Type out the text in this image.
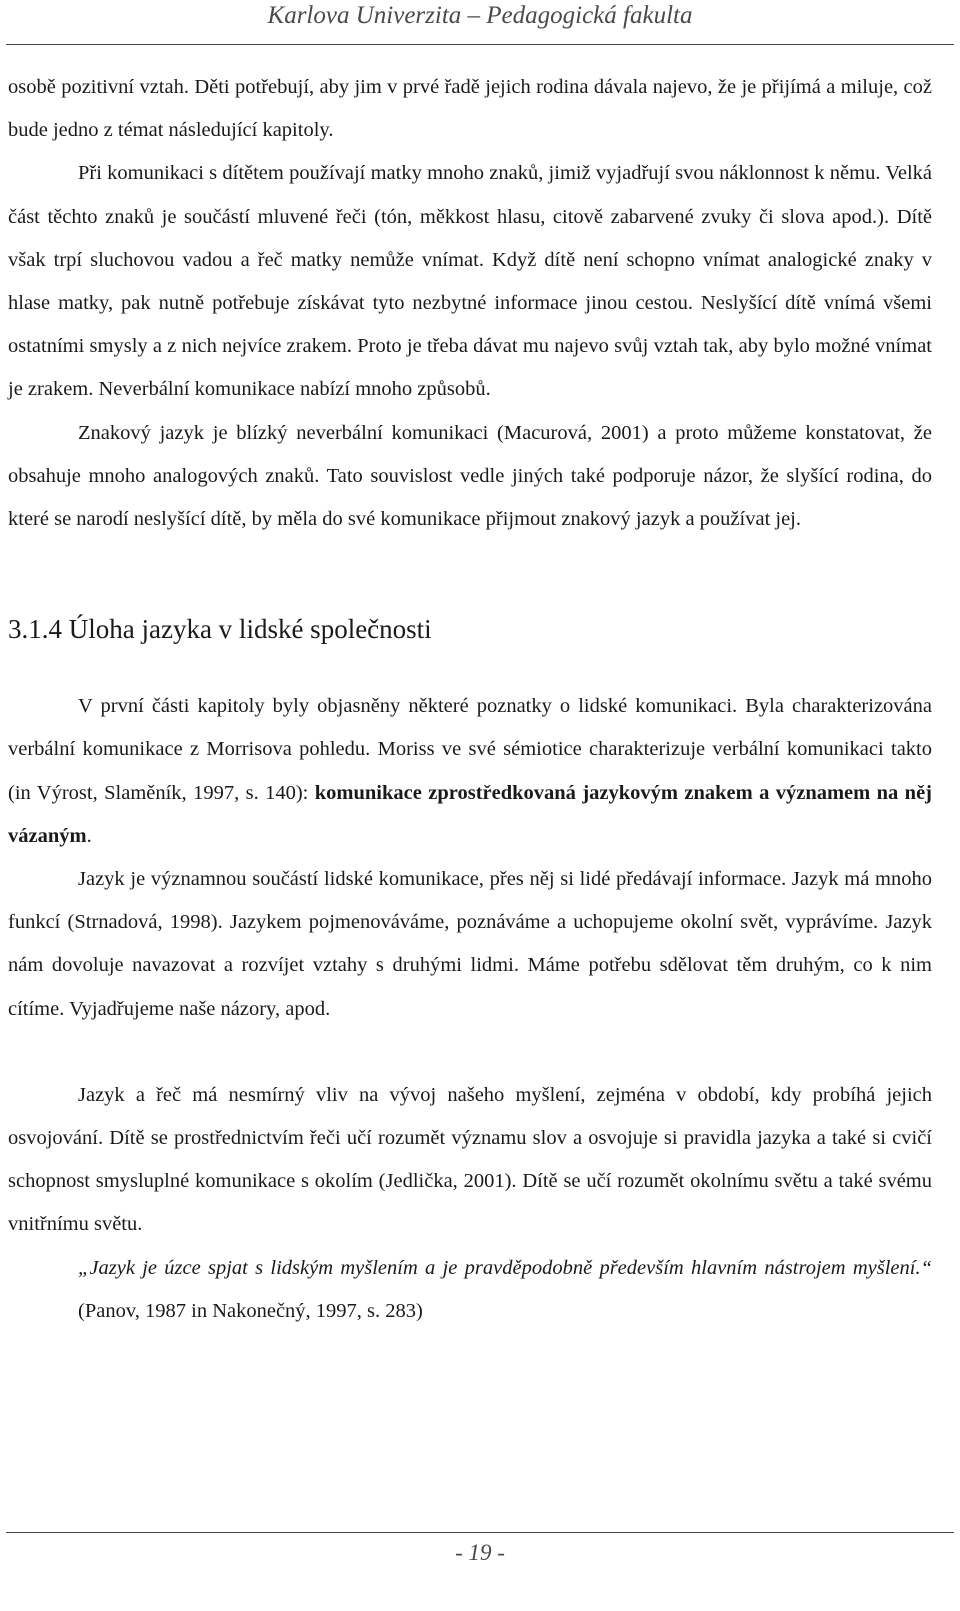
Karlova Univerzita – Pedagogická fakulta

osobě pozitivní vztah. Děti potřebují, aby jim v prvé řadě jejich rodina dávala najevo, že je přijímá a miluje, což bude jedno z témat následující kapitoly.

Při komunikaci s dítětem používají matky mnoho znaků, jimiž vyjadřují svou náklonnost k němu. Velká část těchto znaků je součástí mluvené řeči (tón, měkkost hlasu, citově zabarvené zvuky či slova apod.). Dítě však trpí sluchovou vadou a řeč matky nemůže vnímat. Když dítě není schopno vnímat analogické znaky v hlase matky, pak nutně potřebuje získávat tyto nezbytné informace jinou cestou. Neslyšící dítě vnímá všemi ostatními smysly a z nich nejvíce zrakem. Proto je třeba dávat mu najevo svůj vztah tak, aby bylo možné vnímat je zrakem. Neverbální komunikace nabízí mnoho způsobů.

Znakový jazyk je blízký neverbální komunikaci (Macurová, 2001) a proto můžeme konstatovat, že obsahuje mnoho analogových znaků. Tato souvislost vedle jiných také podporuje názor, že slyšící rodina, do které se narodí neslyšící dítě, by měla do své komunikace přijmout znakový jazyk a používat jej.

3.1.4 Úloha jazyka v lidské společnosti

V první části kapitoly byly objasněny některé poznatky o lidské komunikaci. Byla charakterizována verbální komunikace z Morrisova pohledu. Moriss ve své sémiotice charakterizuje verbální komunikaci takto (in Výrost, Slaměník, 1997, s. 140): komunikace zprostředkovaná jazykovým znakem a významem na něj vázaným.

Jazyk je významnou součástí lidské komunikace, přes něj si lidé předávají informace. Jazyk má mnoho funkcí (Strnadová, 1998). Jazykem pojmenováváme, poznáváme a uchopujeme okolní svět, vyprávíme. Jazyk nám dovoluje navazovat a rozvíjet vztahy s druhými lidmi. Máme potřebu sdělovat těm druhým, co k nim cítíme. Vyjadřujeme naše názory, apod.

Jazyk a řeč má nesmírný vliv na vývoj našeho myšlení, zejména v období, kdy probíhá jejich osvojování. Dítě se prostřednictvím řeči učí rozumět významu slov a osvojuje si pravidla jazyka a také si cvičí schopnost smysluplné komunikace s okolím (Jedlička, 2001). Dítě se učí rozumět okolnímu světu a také svému vnitřnímu světu.

„Jazyk je úzce spjat s lidským myšlením a je pravděpodobně především hlavním nástrojem myšlení.“ (Panov, 1987 in Nakonečný, 1997, s. 283)

- 19 -
